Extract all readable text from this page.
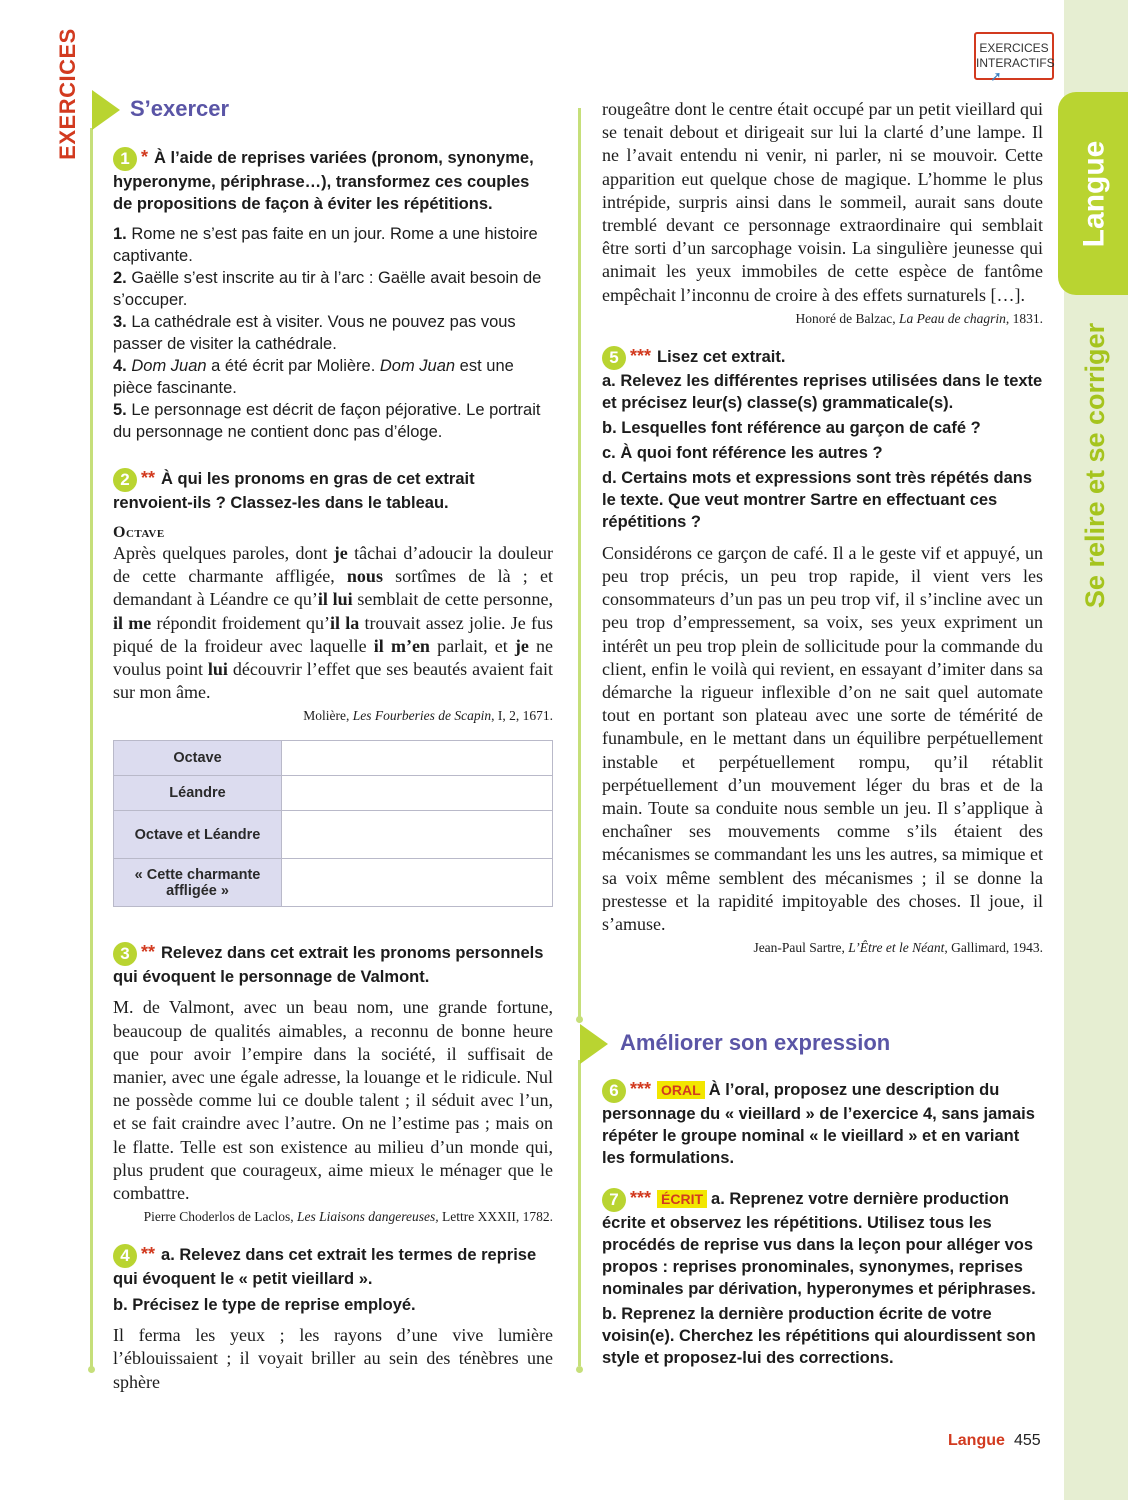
Langue
Se relire et se corriger
EXERCICES	EXERCICES
INTERACTIFS
➚
S’exercer
1 * À l’aide de reprises variées (pronom, synonyme, hyperonyme, périphrase…), transformez ces couples de propositions de façon à éviter les répétitions.
1. Rome ne s’est pas faite en un jour. Rome a une histoire captivante.
2. Gaëlle s’est inscrite au tir à l’arc : Gaëlle avait besoin de s’occuper.
3. La cathédrale est à visiter. Vous ne pouvez pas vous passer de visiter la cathédrale.
4. Dom Juan a été écrit par Molière. Dom Juan est une pièce fascinante.
5. Le personnage est décrit de façon péjorative. Le portrait du personnage ne contient donc pas d’éloge.
2 ** À qui les pronoms en gras de cet extrait renvoient-ils ? Classez-les dans le tableau.
Octave
Après quelques paroles, dont je tâchai d’adoucir la douleur de cette charmante affligée, nous sortîmes de là ; et demandant à Léandre ce qu’il lui semblait de cette personne, il me répondit froidement qu’il la trouvait assez jolie. Je fus piqué de la froideur avec laquelle il m’en parlait, et je ne voulus point lui découvrir l’effet que ses beautés avaient fait sur mon âme.
Molière, Les Fourberies de Scapin, I, 2, 1671.
Octave	
Léandre	
Octave et Léandre	
« Cette charmante affligée »	
3 ** Relevez dans cet extrait les pronoms personnels qui évoquent le personnage de Valmont.
M. de Valmont, avec un beau nom, une grande fortune, beaucoup de qualités aimables, a reconnu de bonne heure que pour avoir l’empire dans la société, il suffisait de manier, avec une égale adresse, la louange et le ridicule. Nul ne possède comme lui ce double talent ; il séduit avec l’un, et se fait craindre avec l’autre. On ne l’estime pas ; mais on le flatte. Telle est son existence au milieu d’un monde qui, plus prudent que courageux, aime mieux le ménager que le combattre.
Pierre Choderlos de Laclos, Les Liaisons dangereuses, Lettre XXXII, 1782.
4 ** a. Relevez dans cet extrait les termes de reprise qui évoquent le « petit vieillard ».
b. Précisez le type de reprise employé.
Il ferma les yeux ; les rayons d’une vive lumière l’éblouissaient ; il voyait briller au sein des ténèbres une sphère
rougeâtre dont le centre était occupé par un petit vieillard qui se tenait debout et dirigeait sur lui la clarté d’une lampe. Il ne l’avait entendu ni venir, ni parler, ni se mouvoir. Cette apparition eut quelque chose de magique. L’homme le plus intrépide, surpris ainsi dans le sommeil, aurait sans doute tremblé devant ce personnage extraordinaire qui semblait être sorti d’un sarcophage voisin. La singulière jeunesse qui animait les yeux immobiles de cette espèce de fantôme empêchait l’inconnu de croire à des effets surnaturels […].
Honoré de Balzac, La Peau de chagrin, 1831.
5 *** Lisez cet extrait.
a. Relevez les différentes reprises utilisées dans le texte et précisez leur(s) classe(s) grammaticale(s).
b. Lesquelles font référence au garçon de café ?
c. À quoi font référence les autres ?
d. Certains mots et expressions sont très répétés dans le texte. Que veut montrer Sartre en effectuant ces répétitions ?
Considérons ce garçon de café. Il a le geste vif et appuyé, un peu trop précis, un peu trop rapide, il vient vers les consommateurs d’un pas un peu trop vif, il s’incline avec un peu trop d’empressement, sa voix, ses yeux expriment un intérêt un peu trop plein de sollicitude pour la commande du client, enfin le voilà qui revient, en essayant d’imiter dans sa démarche la rigueur inflexible d’on ne sait quel automate tout en portant son plateau avec une sorte de témérité de funambule, en le mettant dans un équilibre perpétuellement instable et perpétuellement rompu, qu’il rétablit perpétuellement d’un mouvement léger du bras et de la main. Toute sa conduite nous semble un jeu. Il s’applique à enchaîner ses mouvements comme s’ils étaient des mécanismes se commandant les uns les autres, sa mimique et sa voix même semblent des mécanismes ; il se donne la prestesse et la rapidité impitoyable des choses. Il joue, il s’amuse.
Jean-Paul Sartre, L’Être et le Néant, Gallimard, 1943.
Améliorer son expression
6 *** ORAL À l’oral, proposez une description du personnage du « vieillard » de l’exercice 4, sans jamais répéter le groupe nominal « le vieillard » et en variant les formulations.
7 *** ÉCRIT a. Reprenez votre dernière production écrite et observez les répétitions. Utilisez tous les procédés de reprise vus dans la leçon pour alléger vos propos : reprises pronominales, synonymes, reprises nominales par dérivation, hyperonymes et périphrases.
b. Reprenez la dernière production écrite de votre voisin(e). Cherchez les répétitions qui alourdissent son style et proposez-lui des corrections.
Langue 455
